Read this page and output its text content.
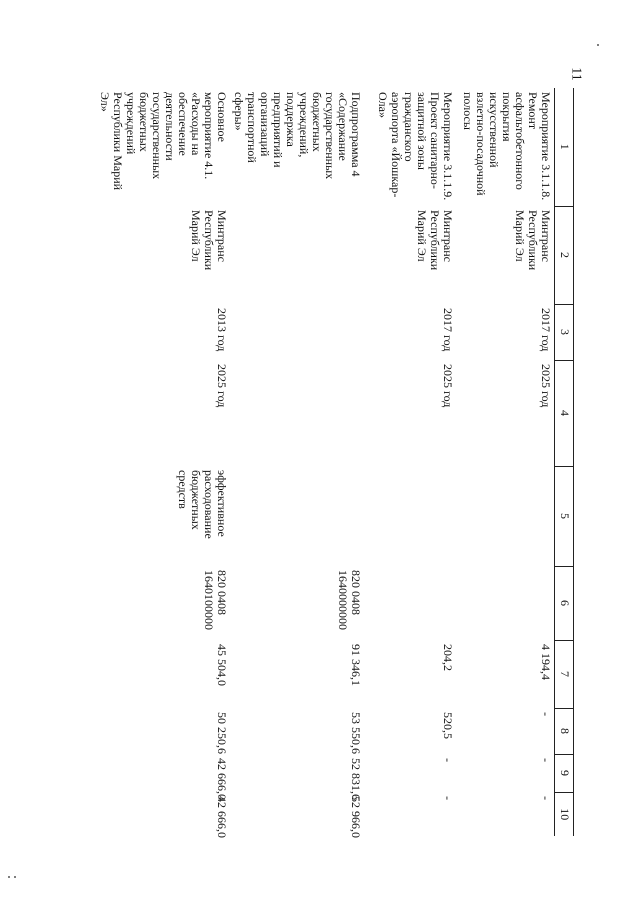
11
1	2	3	4	5	6	7	8	9	10
Мероприятие 3.1.1.8. Ремонт асфальтобетонного покрытия искусственной взлетно-посадочной полосы	Минтранс Республики Марий Эл	2017 год	2025 год			4 194,4	-	-	-
Мероприятие 3.1.1.9. Проект санитарно-защитной зоны гражданского аэропорта «Йошкар-Ола»	Минтранс Республики Марий Эл	2017 год	2025 год			204,2	520,5	-	-
Подпрограмма 4 «Содержание государственных бюджетных учреждений, поддержка предприятий и организаций транспортной сферы»					820 0408 1640000000	91 346,1	53 550,6	52 831,6	52 966,0
Основное мероприятие 4.1. «Расходы на обеспечение деятельности государственных бюджетных учреждений Республики Марий Эл»	Минтранс Республики Марий Эл	2013 год	2025 год	эффективное расходование бюджетных средств	820 0408 1640100000	45 504,0	50 250,6	42 666,0	42 666,0
